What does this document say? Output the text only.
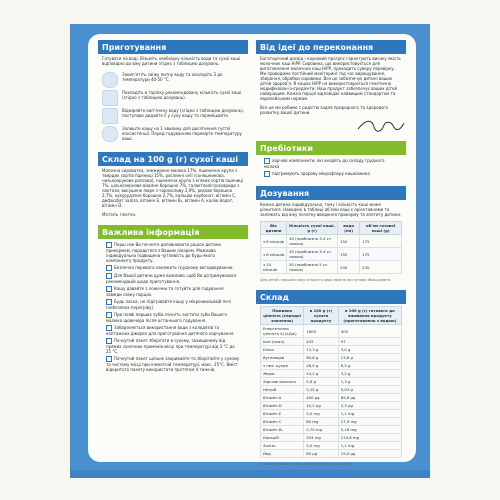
Приготування
Готувати на воді. Візьміть необхідну кількість води та сухої каші відповідно до віку дитини згідно з таблицею дозувань.
Закип’ятіть свіжу питну воду та охолодіть її до температури 40-50 °С.
Покладіть в тарілку рекомендовану кількість сухої каші (згідно з таблицею дозувань).
Відміряйте кип’ячену воду (згідно з таблицею дозувань), поступово додайте її у суху кашу та перемішайте.
Залиште кашу на 1 хвилину для досягнення густої консистенції. Перед годуванням перевірте температуру каші.
Склад на 100 g (г) сухої каші
Молочна сироватка, знежирене молоко 17%, пшенична крупа з твердих сортів пшениці 15%, рослинні олії (соняшникова, низькоерукова рапсова), пшенична крупа з м’яких сортів пшениці 7%, цільнозернове вівсяне борошно 7%, галактоолігосахариди з лактози, висушене пюре з чорносливу 2,9%, рисове борошно 2,7%, кукурудзяне борошно 2,7%, кальцію карбонат, вітамін С, дифосфат заліза, вітамін Е, вітамін В₁, вітамін А, калію йодат, вітамін D.
Містить глютен.
Важлива інформація
Перш ніж Ви почнете доповнювати раціон дитини прикормом, порадьтеся з Вашим лікарем. Можлива індивідуальна підвищена чутливість до будь-якого компоненту продукту.
Безпечна перевага належить грудному вигодовуванню.
Для Вашої дитини дуже важливо, щоб Ви дотримувалися рекомендацій щодо приготування.
Кашу давайте з ложечки та готуйте для годування завжди свіжу порцію.
Будь ласка, не підігрівайте кашу у мікрохвильовій печі (небезпека перегріву).
При появі перших зубів почніть чистити зуби Вашого малюка щовечора після останнього годування.
Забороняється використання води з колодязів та каптажних джерел для приготування дитячого харчування.
Почнутий пакет зберігати в сухому, захищеному від прямих сонячних променів місці при температурі від 3 °С до 25 °С.
Почнутий пакет щільно закривайте та зберігайте у сухому та чистому місці при кімнатній температурі, макс. 25°С. Вміст відкритого пакету використати протягом 4 тижнів.
Від ідеї до переконання
Багаторічний досвід і науковий прогрес гарантують високу якість молочних каш HiPP. Сировина, що використовується для виготовлення молочних каш HiPP, проходить сувору перевірку. Ми проводимо постійний моніторинг під час вирощування, збирання, обробки сировини. Все це забезпечує дитині ваших дітей здоров’я. В кашах HiPP не використовуються генетично модифіковані інгредієнти. Наш продукт забезпечує ваших дітей найкращим. Кожна порція відповідає найвищим стандартам та європейським нормам.
Все це ми робимо з радістю задля природного та здорового розвитку вашої дитини.
Пребіотики
харчові компоненти, які входять до складу грудного молока
підтримують здорову мікрофлору кишківника
Дозування
Кожна дитина індивідуальна, тому і кількість каші може різнитися. Наведені в таблиці об’єми каші є орієнтовними та залежать від віку початку введення прикорму та апетиту дитини.
Вік дитини	Кількість сухої каші, g (г)	вода (ml)	об’єм готової каші (g)
з 6 місяців	40 (приблизно 3-4 ст. ложки)	150	175
з 8 місяців	40 (приблизно 3-4 ст. ложки)	150	175
з 10 місяців	50 (приблизно 5 ст. ложок)	200	230
Для дітей старшого віку кількість каші можна поступово збільшувати.
Склад
Поживна цінність (середні значення)	в 100 g (г) сухого продукту	в 100 g (г) готового до вживання продукту (приготовлено з водою)
Енергетична цінність kJ (кДж)	1809	405
kcal (ккал)	432	97
Білки	13,3 g	3,0 g
Вуглеводи	60,6 g	13,6 g
з них: цукри	28,9 g	6,5 g
Жири	14,2 g	3,2 g
Харчові волокна	5,8 g	1,3 g
Натрій	0,15 g	0,03 g
Вітамін А	400 μg	89,6 μg
Вітамін D	10,2 μg	2,3 μg
Вітамін Е	5,0 mg	1,1 mg
Вітамін С	80 mg	17,9 mg
Вітамін В₁	0,70 mg	0,16 mg
Кальцій	534 mg	119,6 mg
Залізо	5,0 mg	1,1 mg
Йод	85 μg	19,0 μg
* розрахунково з природнього вмісту інгредієнтів
